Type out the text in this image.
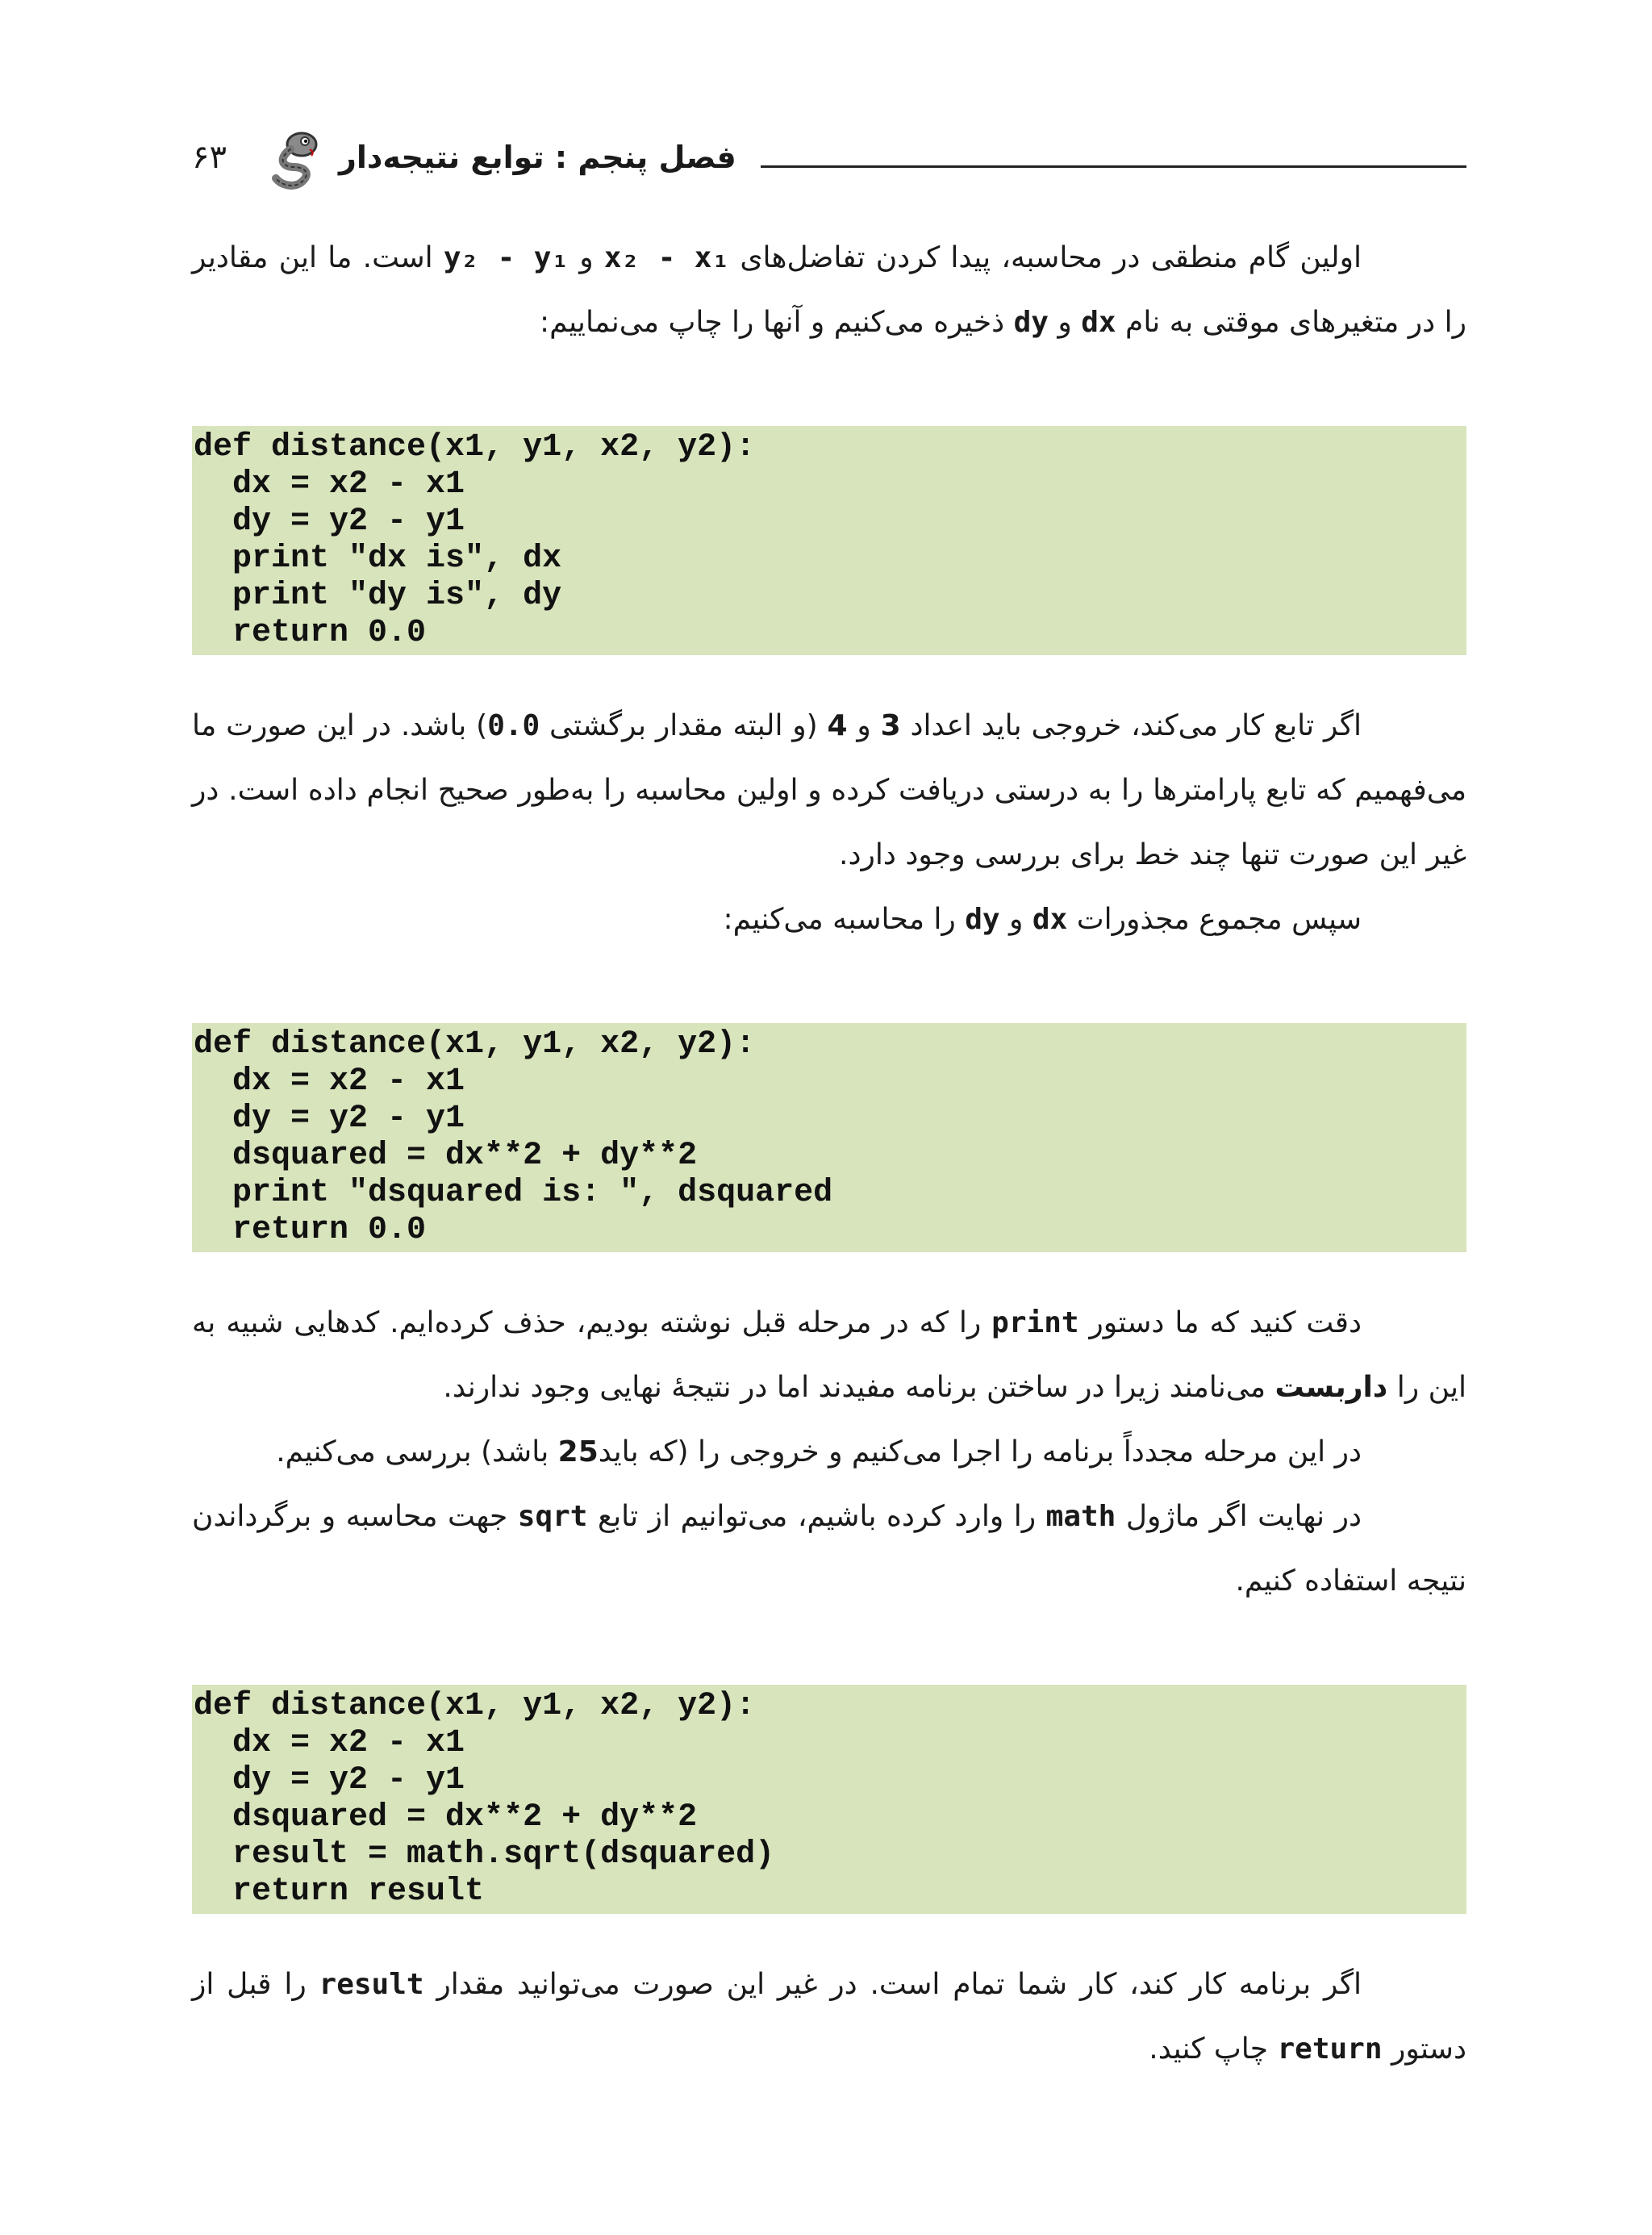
۶۳	فصل پنجم : توابع نتیجه‌دار

اولین گام منطقی در محاسبه، پیدا کردن تفاضل‌های x₂ - x₁ و y₂ - y₁ است. ما این مقادیر را در متغیرهای موقتی به نام dx و dy ذخیره می‌کنیم و آنها را چاپ می‌نماییم:

def distance(x1, y1, x2, y2):
dx = x2 - x1
dy = y2 - y1
print "dx is", dx
print "dy is", dy
return 0.0

اگر تابع کار می‌کند، خروجی باید اعداد 3 و 4 (و البته مقدار برگشتی 0.0) باشد. در این صورت ما می‌فهمیم که تابع پارامترها را به درستی دریافت کرده و اولین محاسبه را به‌طور صحیح انجام داده است. در غیر این صورت تنها چند خط برای بررسی وجود دارد.

سپس مجموع مجذورات dx و dy را محاسبه می‌کنیم:

def distance(x1, y1, x2, y2):
dx = x2 - x1
dy = y2 - y1
dsquared = dx**2 + dy**2
print "dsquared is: ", dsquared
return 0.0

دقت کنید که ما دستور print را که در مرحله قبل نوشته بودیم، حذف کرده‌ایم. کدهایی شبیه به این را داربست می‌نامند زیرا در ساختن برنامه مفیدند اما در نتیجهٔ نهایی وجود ندارند.

در این مرحله مجدداً برنامه را اجرا می‌کنیم و خروجی را (که باید25 باشد) بررسی می‌کنیم.

در نهایت اگر ماژول math را وارد کرده باشیم، می‌توانیم از تابع sqrt جهت محاسبه و برگرداندن نتیجه استفاده کنیم.

def distance(x1, y1, x2, y2):
dx = x2 - x1
dy = y2 - y1
dsquared = dx**2 + dy**2
result = math.sqrt(dsquared)
return result

اگر برنامه کار کند، کار شما تمام است. در غیر این صورت می‌توانید مقدار result را قبل از دستور return چاپ کنید.
